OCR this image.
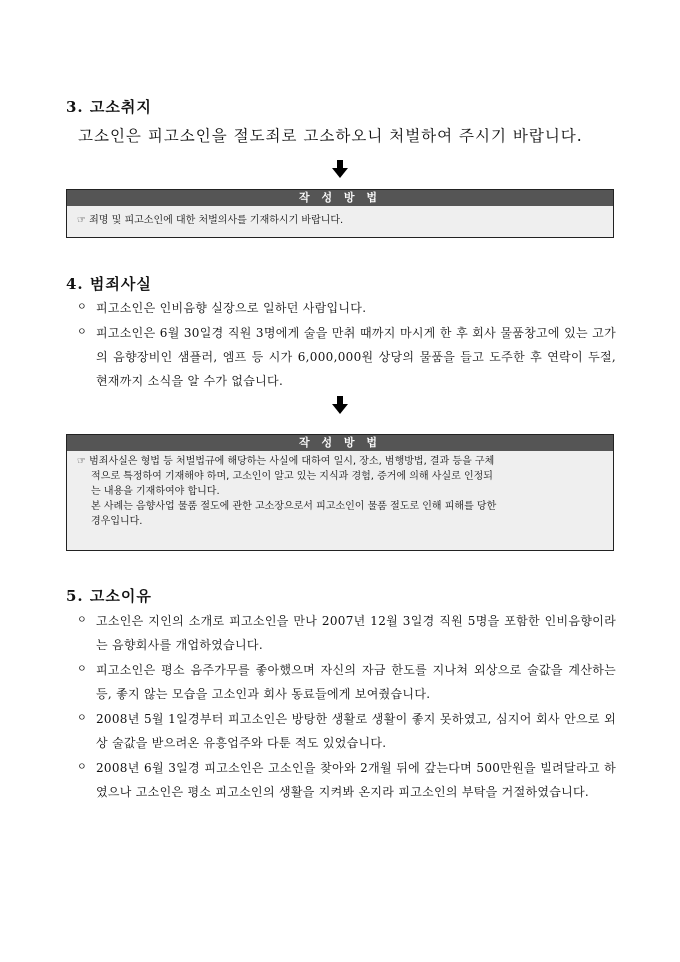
3. 고소취지
고소인은 피고소인을 절도죄로 고소하오니 처벌하여 주시기 바랍니다.
작 성 방 법
☞ 죄명 및 피고소인에 대한 처벌의사를 기재하시기 바랍니다.
4. 범죄사실
ㅇ 피고소인은 인비음향 실장으로 일하던 사람입니다.
ㅇ 피고소인은 6월 30일경 직원 3명에게 술을 만취 때까지 마시게 한 후 회사 물품창고에 있는 고가의 음향장비인 샘플러, 엠프 등 시가 6,000,000원 상당의 물품을 들고 도주한 후 연락이 두절, 현재까지 소식을 알 수가 없습니다.
작 성 방 법
☞ 범죄사실은 형법 등 처벌법규에 해당하는 사실에 대하여 일시, 장소, 범행방법, 결과 등을 구체
적으로 특정하여 기재해야 하며, 고소인이 알고 있는 지식과 경험, 증거에 의해 사실로 인정되
는 내용을 기재하여야 합니다.
본 사례는 음향사업 물품 절도에 관한 고소장으로서 피고소인이 물품 절도로 인해 피해를 당한
경우입니다.
5. 고소이유
ㅇ 고소인은 지인의 소개로 피고소인을 만나 2007년 12월 3일경 직원 5명을 포함한 인비음향이라는 음향회사를 개업하였습니다.
ㅇ 피고소인은 평소 음주가무를 좋아했으며 자신의 자금 한도를 지나쳐 외상으로 술값을 계산하는 등, 좋지 않는 모습을 고소인과 회사 동료들에게 보여줬습니다.
ㅇ 2008년 5월 1일경부터 피고소인은 방탕한 생활로 생활이 좋지 못하였고, 심지어 회사 안으로 외상 술값을 받으려온 유흥업주와 다툰 적도 있었습니다.
ㅇ 2008년 6월 3일경 피고소인은 고소인을 찾아와 2개월 뒤에 갚는다며 500만원을 빌려달라고 하였으나 고소인은 평소 피고소인의 생활을 지켜봐 온지라 피고소인의 부탁을 거절하였습니다.
